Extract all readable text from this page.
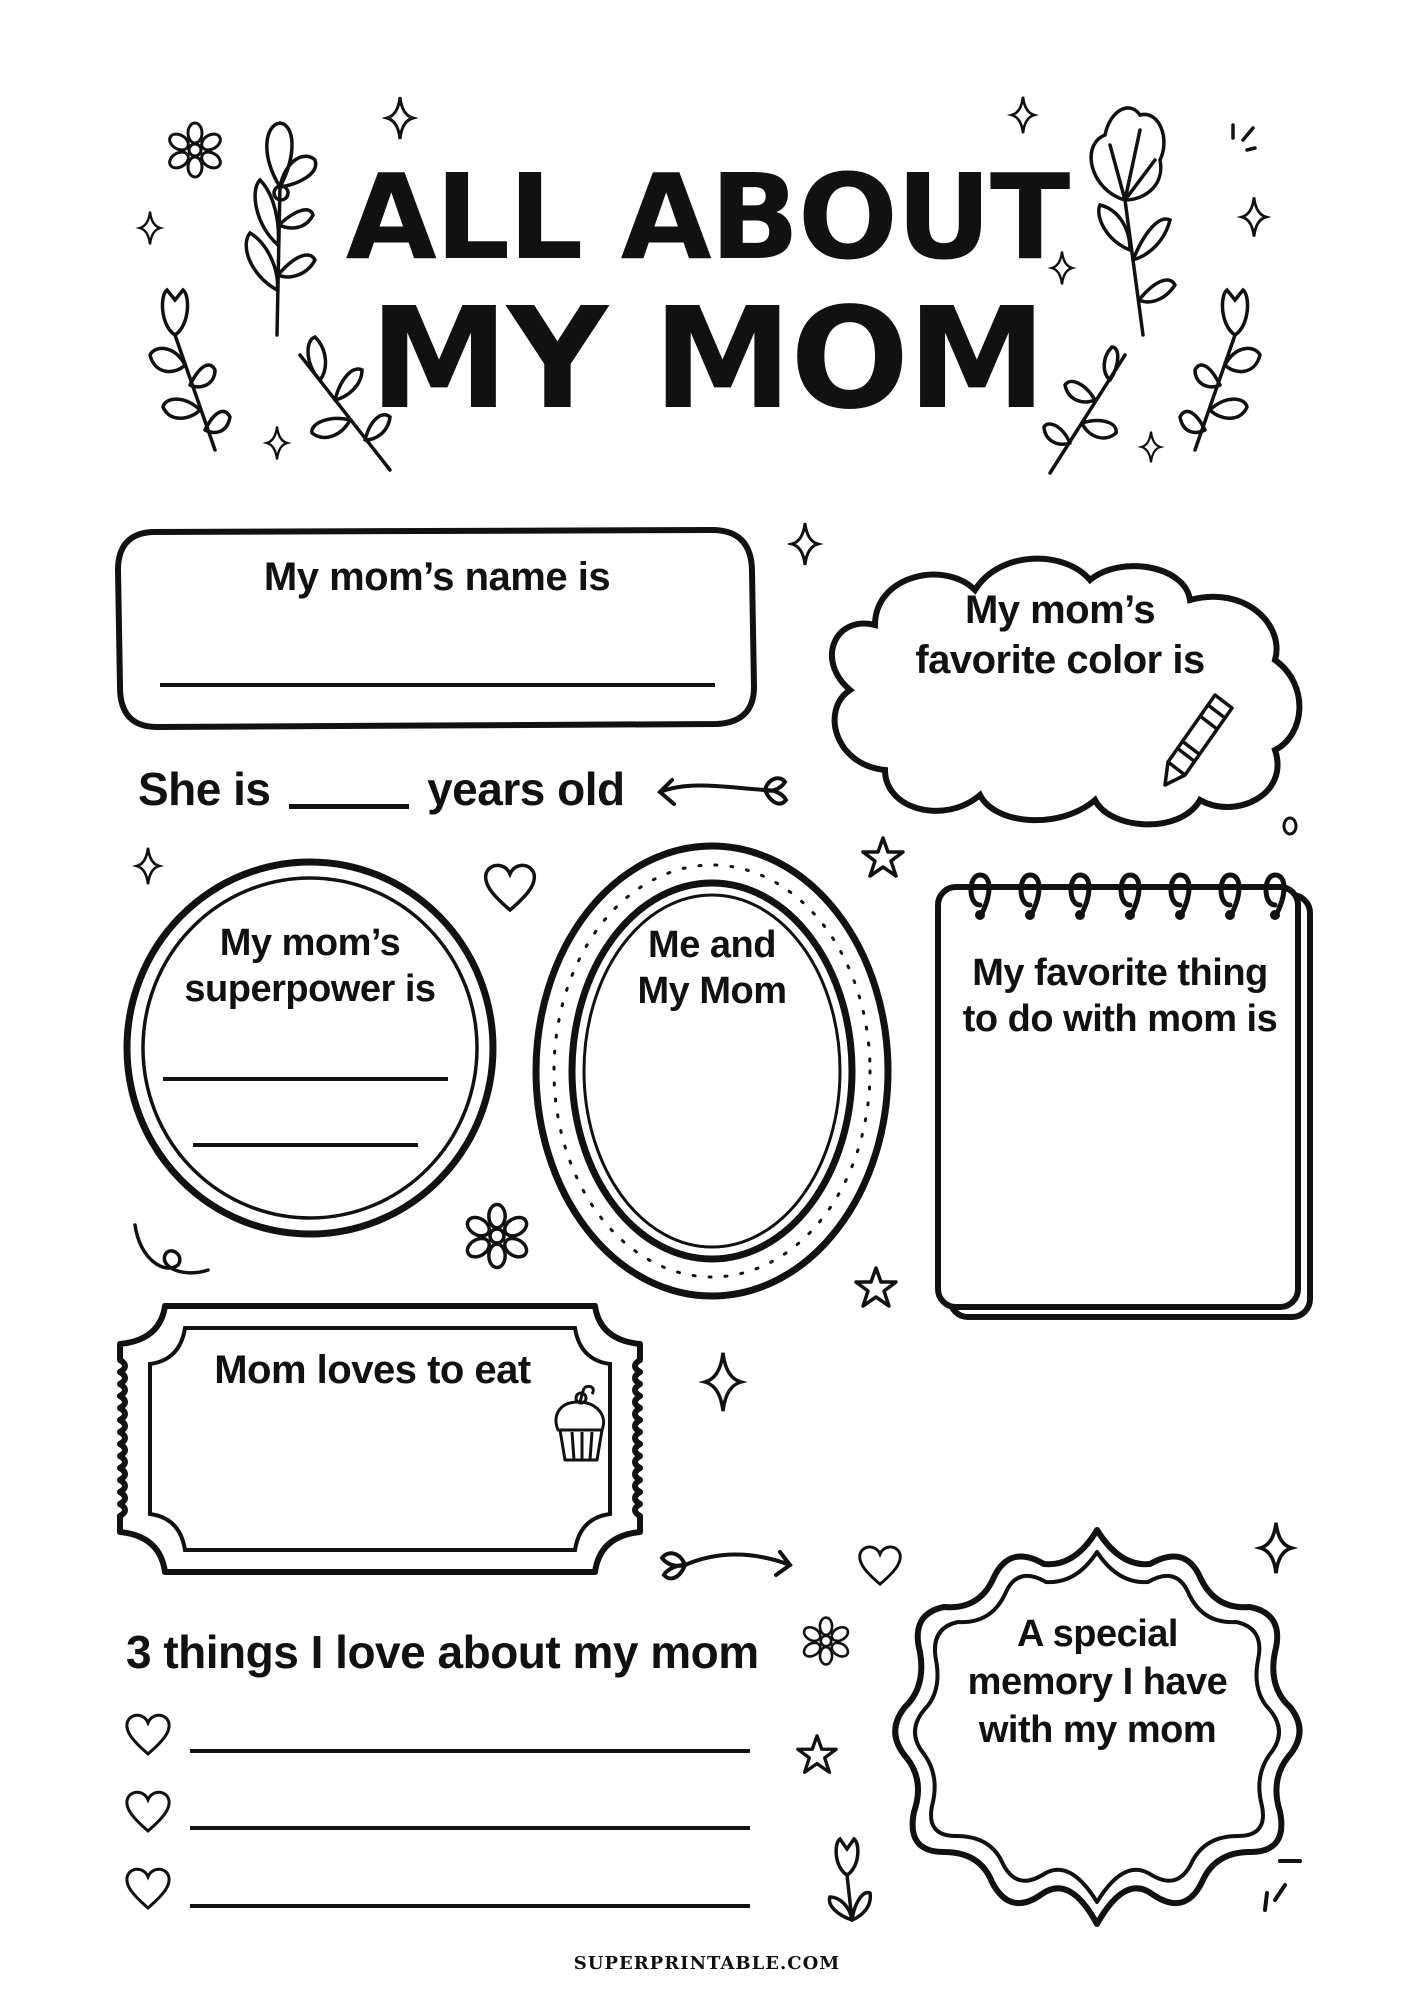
ALL ABOUT
MY MOM
My mom’s name is
My mom’s
favorite color is
She is	years old
My mom’s
superpower is
Me and
My Mom	My favorite thing
to do with mom is
Mom loves to eat
3 things I love about my mom	A special
memory I have
with my mom
SUPERPRINTABLE.COM
